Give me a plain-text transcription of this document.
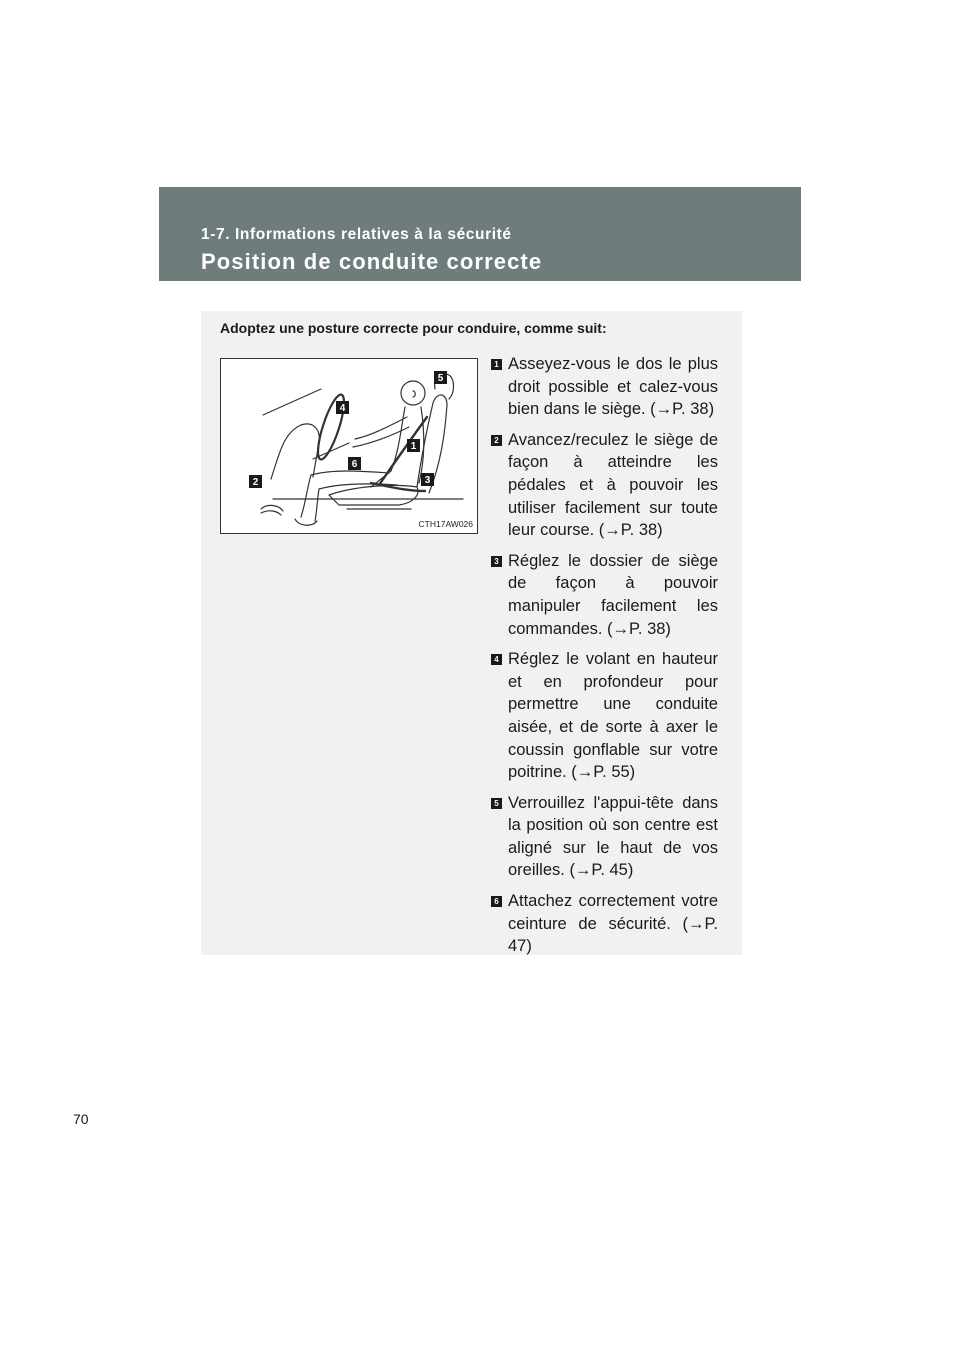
1-7. Informations relatives à la sécurité
Position de conduite correcte
Adoptez une posture correcte pour conduire, comme suit:
5
4
1
6
2	3
CTH17AW026
1 Asseyez-vous le dos le plus droit possible et calez-vous bien dans le siège. (→P. 38)
2 Avancez/reculez le siège de façon à atteindre les pédales et à pouvoir les utiliser facilement sur toute leur course. (→P. 38)
3 Réglez le dossier de siège de façon à pouvoir manipuler facilement les commandes. (→P. 38)
4 Réglez le volant en hauteur et en profondeur pour permettre une conduite aisée, et de sorte à axer le coussin gonflable sur votre poitrine. (→P. 55)
5 Verrouillez l'appui-tête dans la position où son centre est aligné sur le haut de vos oreilles. (→P. 45)
6 Attachez correctement votre ceinture de sécurité. (→P. 47)
70
